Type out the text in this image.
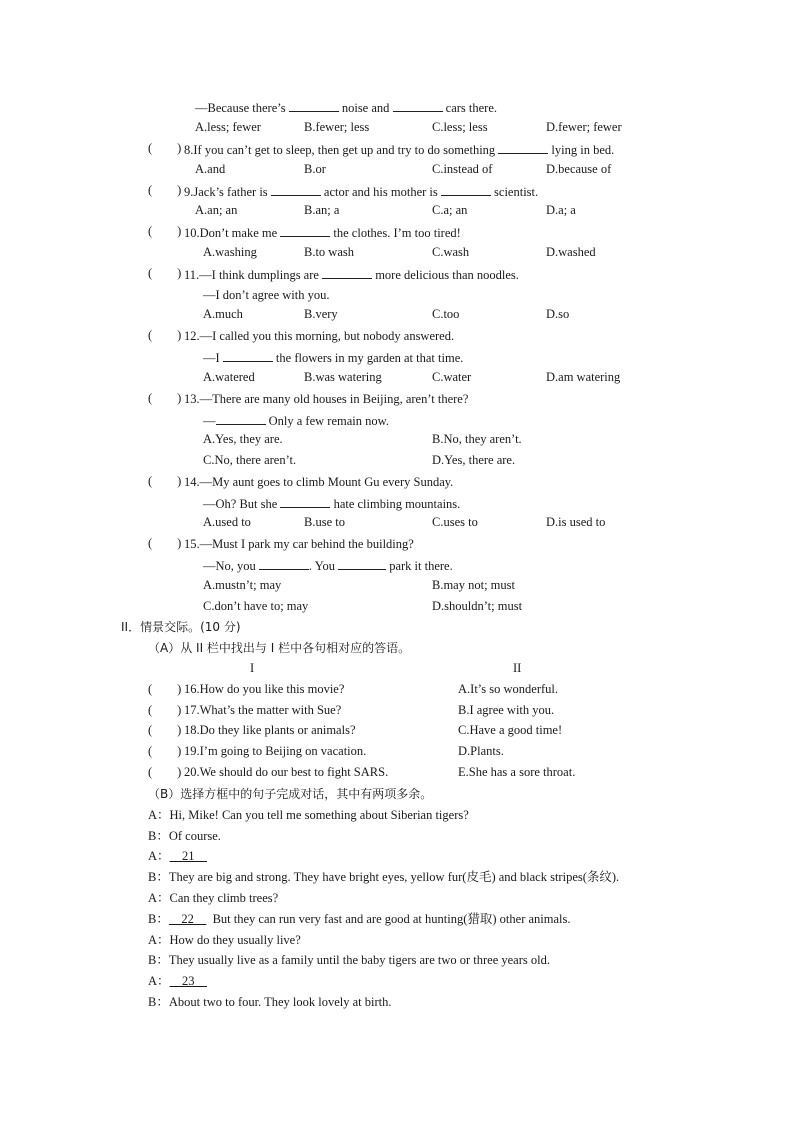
—Because there’s	noise and	cars there.
A.less; fewer	B.fewer; less	C.less; less	D.fewer; fewer
(        ) 8.If you can’t get to sleep, then get up and try to do something	lying in bed.
A.and	B.or	C.instead of	D.because of
(        ) 9.Jack’s father is	actor and his mother is	scientist.
A.an; an	B.an; a	C.a; an	D.a; a
(        ) 10.Don’t make me	the clothes. I’m too tired!
A.washing	B.to wash	C.wash	D.washed
(        ) 11.—I think dumplings are	more delicious than noodles.
—I don’t agree with you.
A.much	B.very	C.too	D.so
(        ) 12.—I called you this morning, but nobody answered.
—I	the flowers in my garden at that time.
A.watered	B.was watering	C.water	D.am watering
(        ) 13.—There are many old houses in Beijing, aren’t there?
—	Only a few remain now.
A.Yes, they are.	B.No, they aren’t.
C.No, there aren’t.	D.Yes, there are.
(        ) 14.—My aunt goes to climb Mount Gu every Sunday.
—Oh? But she	hate climbing mountains.
A.used to	B.use to	C.uses to	D.is used to
(        ) 15.—Must I park my car behind the building?
—No, you	. You	park it there.
A.mustn’t; may	B.may not; must
C.don’t have to; may	D.shouldn’t; must
II．情景交际。(10 分)
（A）从 II 栏中找出与 I 栏中各句相对应的答语。
I	II
(        ) 16.How do you like this movie?	A.It’s so wonderful.
(        ) 17.What’s the matter with Sue?	B.I agree with you.
(        ) 18.Do they like plants or animals?	C.Have a good time!
(        ) 19.I’m going to Beijing on vacation.	D.Plants.
(        ) 20.We should do our best to fight SARS.	E.She has a sore throat.
（B）选择方框中的句子完成对话，其中有两项多余。
A：Hi, Mike! Can you tell me something about Siberian tigers?
B：Of course.
A：    21
B：They are big and strong. They have bright eyes, yellow fur(皮毛) and black stripes(条纹).
A：Can they climb trees?
B：    22      But they can run very fast and are good at hunting(猎取) other animals.
A：How do they usually live?
B：They usually live as a family until the baby tigers are two or three years old.
A：    23
B：About two to four. They look lovely at birth.
